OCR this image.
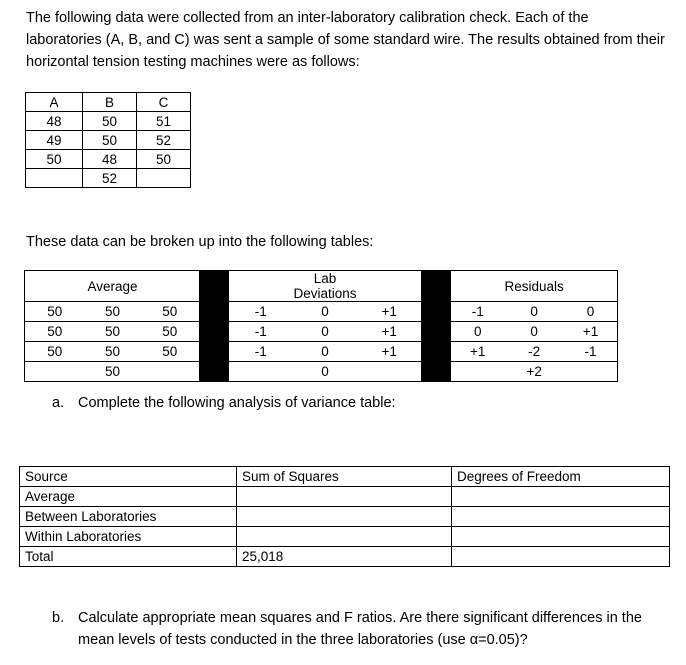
The following data were collected from an inter-laboratory calibration check. Each of the laboratories (A, B, and C) was sent a sample of some standard wire. The results obtained from their horizontal tension testing machines were as follows:
A	B	C
48	50	51
49	50	52
50	48	50
	52	
These data can be broken up into the following tables:
	Average				Lab Deviations				Residuals	
50	50	50		-1	0	+1		-1	0	0
50	50	50		-1	0	+1		0	0	+1
50	50	50		-1	0	+1		+1	-2	-1
	50				0				+2	
a. Complete the following analysis of variance table:
Source	Sum of Squares	Degrees of Freedom
Average		
Between Laboratories		
Within Laboratories		
Total	25,018	
b. Calculate appropriate mean squares and F ratios. Are there significant differences in the mean levels of tests conducted in the three laboratories (use α=0.05)?
